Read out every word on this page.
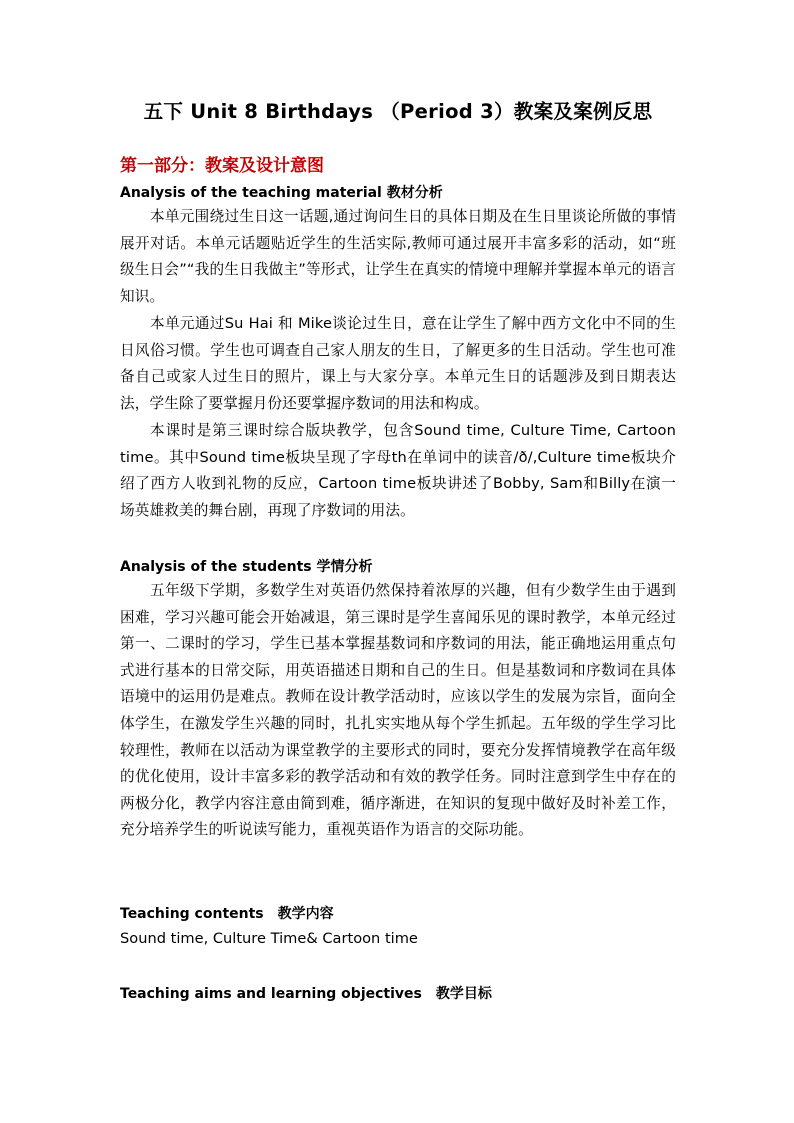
五下 Unit 8 Birthdays （Period 3）教案及案例反思
第一部分：教案及设计意图
Analysis of the teaching material 教材分析
本单元围绕过生日这一话题,通过询问生日的具体日期及在生日里谈论所做的事情展开对话。本单元话题贴近学生的生活实际,教师可通过展开丰富多彩的活动，如“班级生日会”“我的生日我做主”等形式，让学生在真实的情境中理解并掌握本单元的语言知识。
本单元通过Su Hai 和 Mike谈论过生日，意在让学生了解中西方文化中不同的生日风俗习惯。学生也可调查自己家人朋友的生日，了解更多的生日活动。学生也可准备自己或家人过生日的照片，课上与大家分享。本单元生日的话题涉及到日期表达法，学生除了要掌握月份还要掌握序数词的用法和构成。
本课时是第三课时综合版块教学，包含Sound time, Culture Time, Cartoon time。其中Sound time板块呈现了字母th在单词中的读音/ð/,Culture time板块介绍了西方人收到礼物的反应，Cartoon time板块讲述了Bobby, Sam和Billy在演一场英雄救美的舞台剧，再现了序数词的用法。
Analysis of the students 学情分析
五年级下学期，多数学生对英语仍然保持着浓厚的兴趣，但有少数学生由于遇到困难，学习兴趣可能会开始减退，第三课时是学生喜闻乐见的课时教学，本单元经过第一、二课时的学习，学生已基本掌握基数词和序数词的用法，能正确地运用重点句式进行基本的日常交际，用英语描述日期和自己的生日。但是基数词和序数词在具体语境中的运用仍是难点。教师在设计教学活动时，应该以学生的发展为宗旨，面向全体学生，在激发学生兴趣的同时，扎扎实实地从每个学生抓起。五年级的学生学习比较理性，教师在以活动为课堂教学的主要形式的同时，要充分发挥情境教学在高年级的优化使用，设计丰富多彩的教学活动和有效的教学任务。同时注意到学生中存在的两极分化，教学内容注意由简到难，循序渐进，在知识的复现中做好及时补差工作，充分培养学生的听说读写能力，重视英语作为语言的交际功能。
Teaching contents 教学内容
Sound time, Culture Time& Cartoon time
Teaching aims and learning objectives 教学目标
